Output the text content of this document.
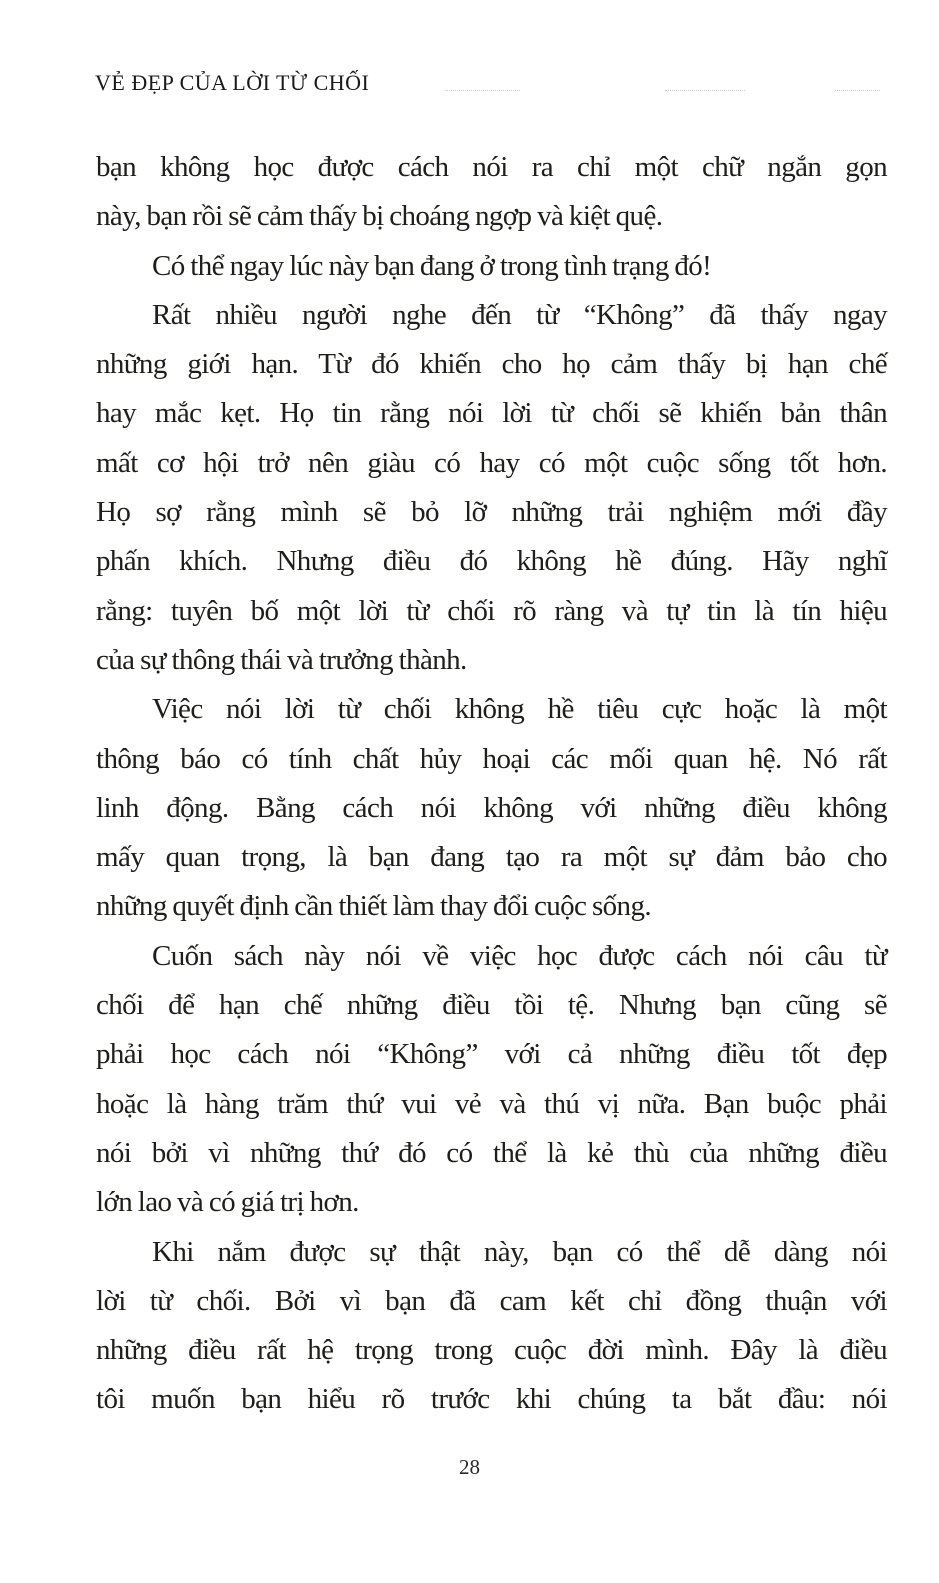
VẺ ĐẸP CỦA LỜI TỪ CHỐI
bạn không học được cách nói ra chỉ một chữ ngắn gọn
này, bạn rồi sẽ cảm thấy bị choáng ngợp và kiệt quệ.
Có thể ngay lúc này bạn đang ở trong tình trạng đó!
Rất nhiều người nghe đến từ “Không” đã thấy ngay
những giới hạn. Từ đó khiến cho họ cảm thấy bị hạn chế
hay mắc kẹt. Họ tin rằng nói lời từ chối sẽ khiến bản thân
mất cơ hội trở nên giàu có hay có một cuộc sống tốt hơn.
Họ sợ rằng mình sẽ bỏ lỡ những trải nghiệm mới đầy
phấn khích. Nhưng điều đó không hề đúng. Hãy nghĩ
rằng: tuyên bố một lời từ chối rõ ràng và tự tin là tín hiệu
của sự thông thái và trưởng thành.
Việc nói lời từ chối không hề tiêu cực hoặc là một
thông báo có tính chất hủy hoại các mối quan hệ. Nó rất
linh động. Bằng cách nói không với những điều không
mấy quan trọng, là bạn đang tạo ra một sự đảm bảo cho
những quyết định cần thiết làm thay đổi cuộc sống.
Cuốn sách này nói về việc học được cách nói câu từ
chối để hạn chế những điều tồi tệ. Nhưng bạn cũng sẽ
phải học cách nói “Không” với cả những điều tốt đẹp
hoặc là hàng trăm thứ vui vẻ và thú vị nữa. Bạn buộc phải
nói bởi vì những thứ đó có thể là kẻ thù của những điều
lớn lao và có giá trị hơn.
Khi nắm được sự thật này, bạn có thể dễ dàng nói
lời từ chối. Bởi vì bạn đã cam kết chỉ đồng thuận với
những điều rất hệ trọng trong cuộc đời mình. Đây là điều
tôi muốn bạn hiểu rõ trước khi chúng ta bắt đầu: nói
28
